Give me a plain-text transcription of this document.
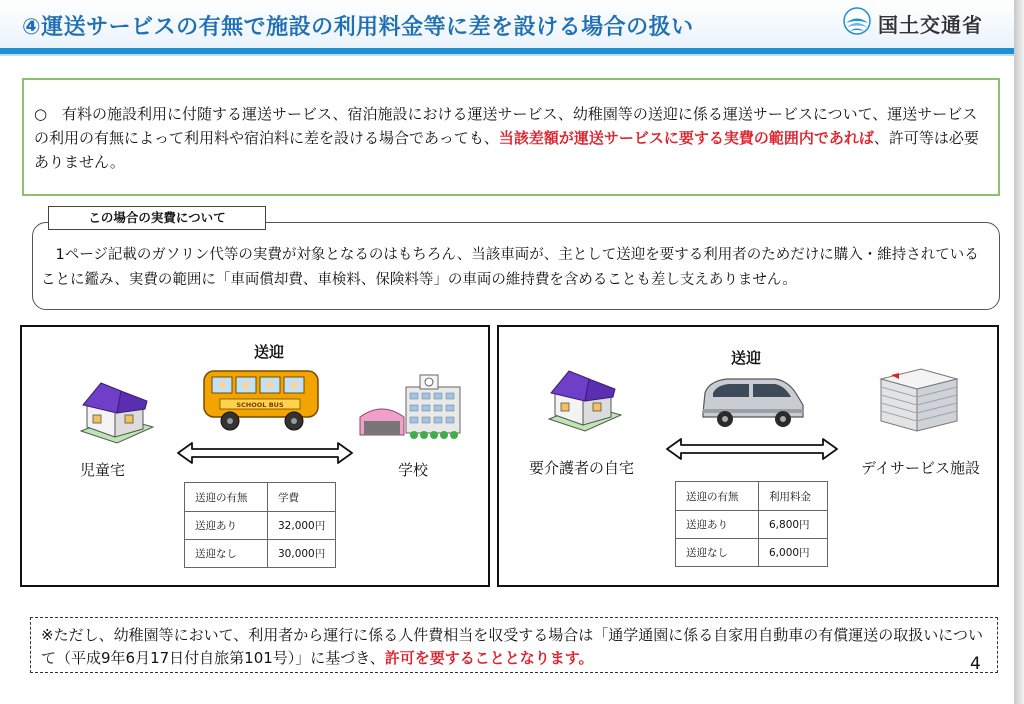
④運送サービスの有無で施設の利用料金等に差を設ける場合の扱い	国土交通省
○ 有料の施設利用に付随する運送サービス、宿泊施設における運送サービス、幼稚園等の送迎に係る運送サービスについて、運送サービスの利用の有無によって利用料や宿泊料に差を設ける場合であっても、当該差額が運送サービスに要する実費の範囲内であれば、許可等は必要ありません。
1ページ記載のガソリン代等の実費が対象となるのはもちろん、当該車両が、主として送迎を要する利用者のためだけに購入・維持されていることに鑑み、実費の範囲に「車両償却費、車検料、保険料等」の車両の維持費を含めることも差し支えありません。
この場合の実費について
送迎
児童宅
SCHOOL BUS
学校
送迎の有無	学費
送迎あり	32,000円
送迎なし	30,000円
送迎
要介護者の自宅	デイサービス施設
送迎の有無	利用料金
送迎あり	6,800円
送迎なし	6,000円
※ただし、幼稚園等において、利用者から運行に係る人件費相当を収受する場合は「通学通園に係る自家用自動車の有償運送の取扱いについて（平成9年6月17日付自旅第101号）」に基づき、許可を要することとなります。	4
